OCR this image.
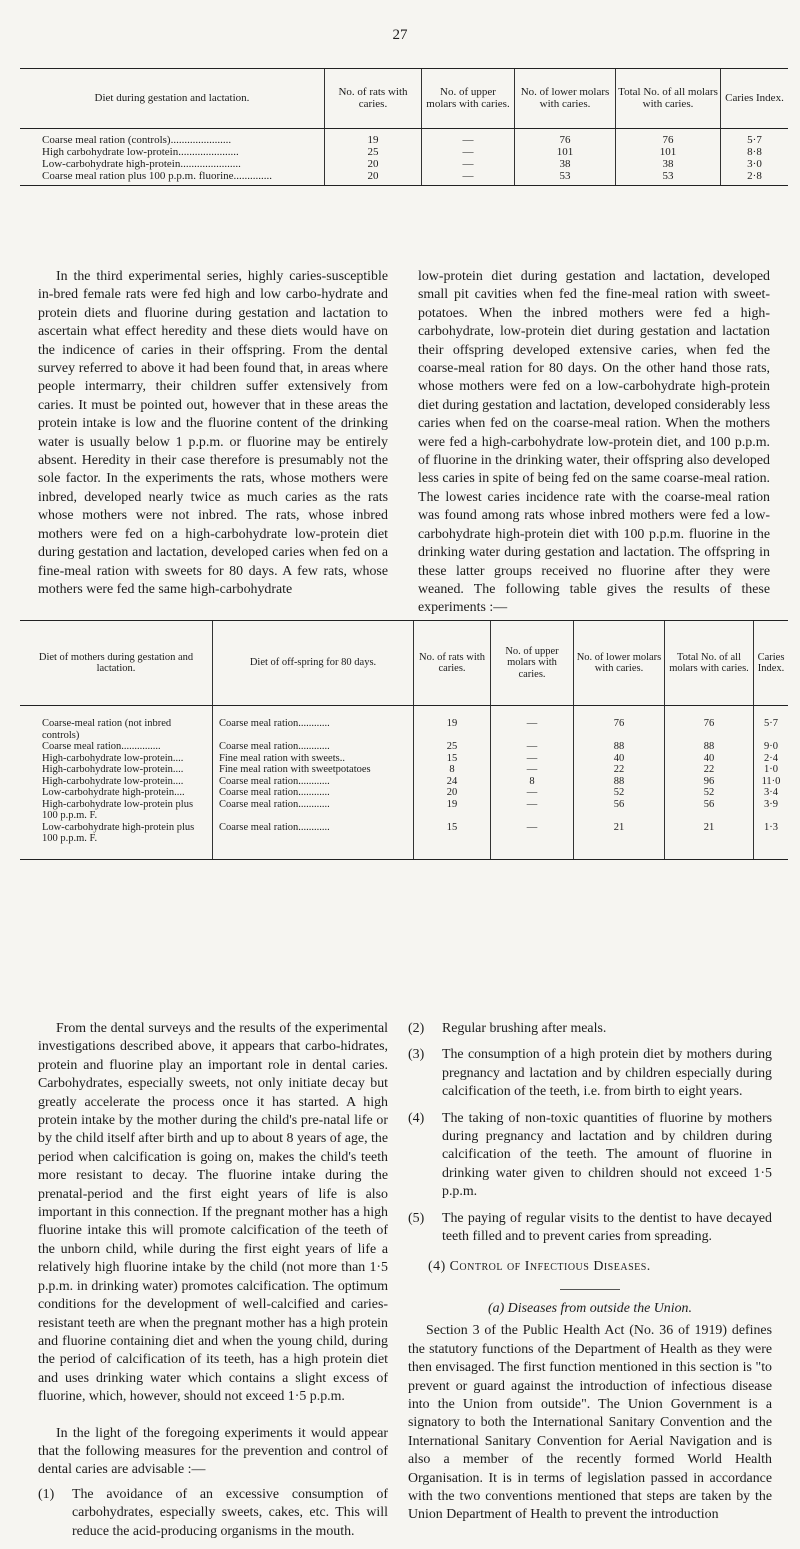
27
Diet during gestation and lactation.	No. of rats with caries.	No. of upper molars with caries.	No. of lower molars with caries.	Total No. of all molars with caries.	Caries Index.
Coarse meal ration (controls)......................	19	—	76	76	5·7
High carbohydrate low-protein......................	25	—	101	101	8·8
Low-carbohydrate high-protein......................	20	—	38	38	3·0
Coarse meal ration plus 100 p.p.m. fluorine..............	20	—	53	53	2·8

In the third experimental series, highly caries-susceptible in-bred female rats were fed high and low carbo-hydrate and protein diets and fluorine during gestation and lactation to ascertain what effect heredity and these diets would have on the indicence of caries in their offspring. From the dental survey referred to above it had been found that, in areas where people intermarry, their children suffer extensively from caries. It must be pointed out, however that in these areas the protein intake is low and the fluorine content of the drinking water is usually below 1 p.p.m. or fluorine may be entirely absent. Heredity in their case therefore is presumably not the sole factor. In the experiments the rats, whose mothers were inbred, developed nearly twice as much caries as the rats whose mothers were not inbred. The rats, whose inbred mothers were fed on a high-carbohydrate low-protein diet during gestation and lactation, developed caries when fed on a fine-meal ration with sweets for 80 days. A few rats, whose mothers were fed the same high-carbohydrate

low-protein diet during gestation and lactation, developed small pit cavities when fed the fine-meal ration with sweet-potatoes. When the inbred mothers were fed a high-carbohydrate, low-protein diet during gestation and lactation their offspring developed extensive caries, when fed the coarse-meal ration for 80 days. On the other hand those rats, whose mothers were fed on a low-carbohydrate high-protein diet during gestation and lactation, developed considerably less caries when fed on the coarse-meal ration. When the mothers were fed a high-carbohydrate low-protein diet, and 100 p.p.m. of fluorine in the drinking water, their offspring also developed less caries in spite of being fed on the same coarse-meal ration. The lowest caries incidence rate with the coarse-meal ration was found among rats whose inbred mothers were fed a low-carbohydrate high-protein diet with 100 p.p.m. fluorine in the drinking water during gestation and lactation. The offspring in these latter groups received no fluorine after they were weaned. The following table gives the results of these experiments :—

Diet of mothers during gestation and lactation.	Diet of off-spring for 80 days.	No. of rats with caries.	No. of upper molars with caries.	No. of lower molars with caries.	Total No. of all molars with caries.	Caries Index.
Coarse-meal ration (not inbred controls)	Coarse meal ration............	19	—	76	76	5·7
Coarse meal ration...............	Coarse meal ration............	25	—	88	88	9·0
High-carbohydrate low-protein....	Fine meal ration with sweets..	15	—	40	40	2·4
High-carbohydrate low-protein....	Fine meal ration with sweetpotatoes	8	—	22	22	1·0
High-carbohydrate low-protein....	Coarse meal ration............	24	8	88	96	11·0
Low-carbohydrate high-protein....	Coarse meal ration............	20	—	52	52	3·4
High-carbohydrate low-protein plus 100 p.p.m. F.	Coarse meal ration............	19	—	56	56	3·9
Low-carbohydrate high-protein plus 100 p.p.m. F.	Coarse meal ration............	15	—	21	21	1·3

From the dental surveys and the results of the experimental investigations described above, it appears that carbo-hidrates, protein and fluorine play an important role in dental caries. Carbohydrates, especially sweets, not only initiate decay but greatly accelerate the process once it has started. A high protein intake by the mother during the child's pre-natal life or by the child itself after birth and up to about 8 years of age, the period when calcification is going on, makes the child's teeth more resistant to decay. The fluorine intake during the prenatal-period and the first eight years of life is also important in this connection. If the pregnant mother has a high fluorine intake this will promote calcification of the teeth of the unborn child, while during the first eight years of life a relatively high fluorine intake by the child (not more than 1·5 p.p.m. in drinking water) promotes calcification. The optimum conditions for the development of well-calcified and caries-resistant teeth are when the pregnant mother has a high protein and fluorine containing diet and when the young child, during the period of calcification of its teeth, has a high protein diet and uses drinking water which contains a slight excess of fluorine, which, however, should not exceed 1·5 p.p.m.

In the light of the foregoing experiments it would appear that the following measures for the prevention and control of dental caries are advisable :—

(1) The avoidance of an excessive consumption of carbohydrates, especially sweets, cakes, etc. This will reduce the acid-producing organisms in the mouth.

(2) Regular brushing after meals.

(3) The consumption of a high protein diet by mothers during pregnancy and lactation and by children especially during calcification of the teeth, i.e. from birth to eight years.

(4) The taking of non-toxic quantities of fluorine by mothers during pregnancy and lactation and by children during calcification of the teeth. The amount of fluorine in drinking water given to children should not exceed 1·5 p.p.m.

(5) The paying of regular visits to the dentist to have decayed teeth filled and to prevent caries from spreading.

(4) Control of Infectious Diseases.

(a) Diseases from outside the Union.

Section 3 of the Public Health Act (No. 36 of 1919) defines the statutory functions of the Department of Health as they were then envisaged. The first function mentioned in this section is "to prevent or guard against the introduction of infectious disease into the Union from outside". The Union Government is a signatory to both the International Sanitary Convention and the International Sanitary Convention for Aerial Navigation and is also a member of the recently formed World Health Organisation. It is in terms of legislation passed in accordance with the two conventions mentioned that steps are taken by the Union Department of Health to prevent the introduction
